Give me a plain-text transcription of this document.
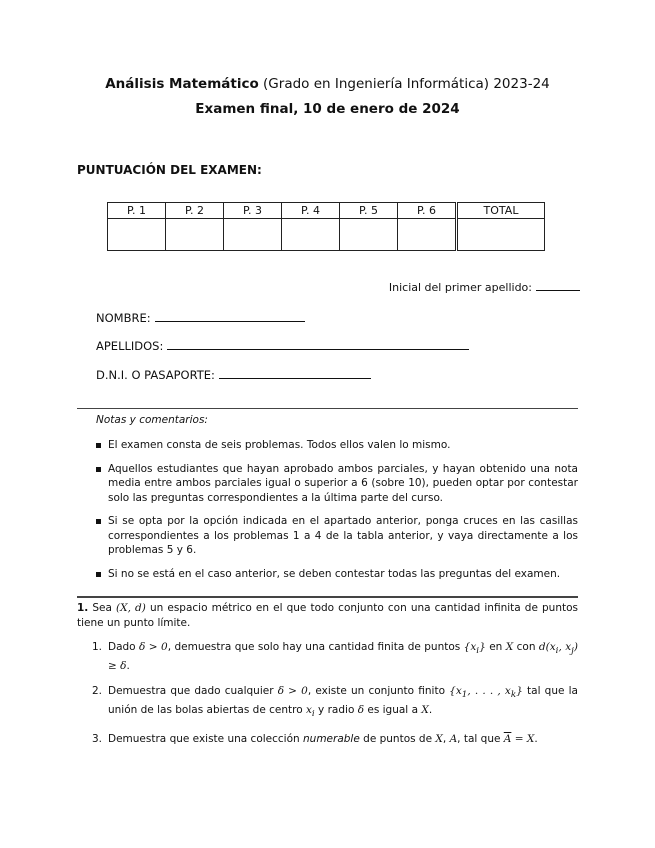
Análisis Matemático (Grado en Ingeniería Informática) 2023-24
Examen final, 10 de enero de 2024
PUNTUACIÓN DEL EXAMEN:
P. 1	P. 2	P. 3	P. 4	P. 5	P. 6	TOTAL

Inicial del primer apellido:
NOMBRE:
APELLIDOS:
D.N.I. O PASAPORTE:
Notas y comentarios:
El examen consta de seis problemas. Todos ellos valen lo mismo.
Aquellos estudiantes que hayan aprobado ambos parciales, y hayan obtenido una nota media entre ambos parciales igual o superior a 6 (sobre 10), pueden optar por contestar solo las preguntas correspondientes a la última parte del curso.
Si se opta por la opción indicada en el apartado anterior, ponga cruces en las casillas correspondientes a los problemas 1 a 4 de la tabla anterior, y vaya directamente a los problemas 5 y 6.
Si no se está en el caso anterior, se deben contestar todas las preguntas del examen.
1. Sea (X, d) un espacio métrico en el que todo conjunto con una cantidad infinita de puntos tiene un punto límite.
1. Dado δ > 0, demuestra que solo hay una cantidad finita de puntos $\{x_i\}$ en X con $d(x_i$, $x_j) \ge \delta$.
2. Demuestra que dado cualquier δ > 0, existe un conjunto finito {$x_1$, . . . , $x_k$} tal que la unión de las bolas abiertas de centro $x_i$ y radio δ es igual a X.
3. Demuestra que existe una colección numerable de puntos de X, A, tal que $\overline{A} = X$.
